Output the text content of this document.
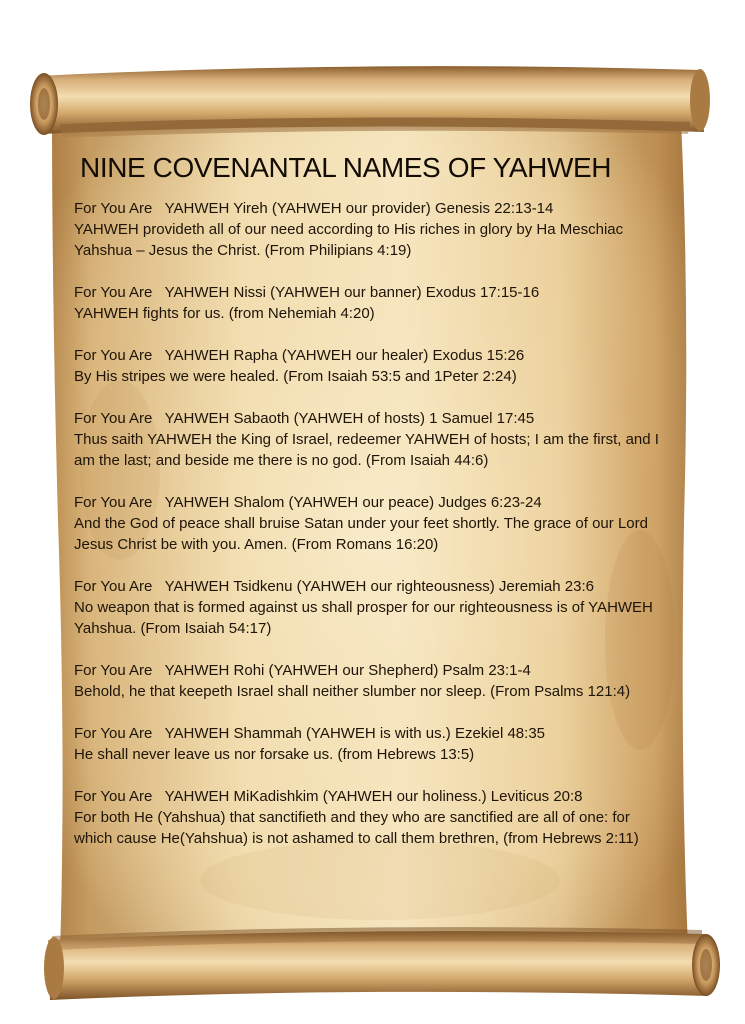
NINE COVENANTAL NAMES OF YAHWEH
For You Are   YAHWEH Yireh (YAHWEH our provider) Genesis 22:13-14
YAHWEH provideth all of our need according to His riches in glory by Ha Meschiac Yahshua – Jesus the Christ. (From Philipians 4:19)
For You Are   YAHWEH Nissi (YAHWEH our banner) Exodus 17:15-16
YAHWEH fights for us. (from Nehemiah 4:20)
For You Are   YAHWEH Rapha (YAHWEH our healer) Exodus 15:26
By His stripes we were healed. (From Isaiah 53:5 and 1Peter 2:24)
For You Are   YAHWEH Sabaoth (YAHWEH of hosts) 1 Samuel 17:45
Thus saith YAHWEH the King of Israel, redeemer YAHWEH of hosts; I am the first, and I am the last; and beside me there is no god. (From Isaiah 44:6)
For You Are   YAHWEH Shalom (YAHWEH our peace) Judges 6:23-24
And the God of peace shall bruise Satan under your feet shortly. The grace of our Lord Jesus Christ be with you. Amen. (From Romans 16:20)
For You Are   YAHWEH Tsidkenu (YAHWEH our righteousness) Jeremiah 23:6
No weapon that is formed against us shall prosper for our righteousness is of YAHWEH Yahshua. (From Isaiah 54:17)
For You Are   YAHWEH Rohi (YAHWEH our Shepherd) Psalm 23:1-4
Behold, he that keepeth Israel shall neither slumber nor sleep. (From Psalms 121:4)
For You Are   YAHWEH Shammah (YAHWEH is with us.) Ezekiel 48:35
He shall never leave us nor forsake us. (from Hebrews 13:5)
For You Are   YAHWEH MiKadishkim (YAHWEH our holiness.) Leviticus 20:8
For both He (Yahshua) that sanctifieth and they who are sanctified are all of one: for which cause He(Yahshua) is not ashamed to call them brethren, (from Hebrews 2:11)
